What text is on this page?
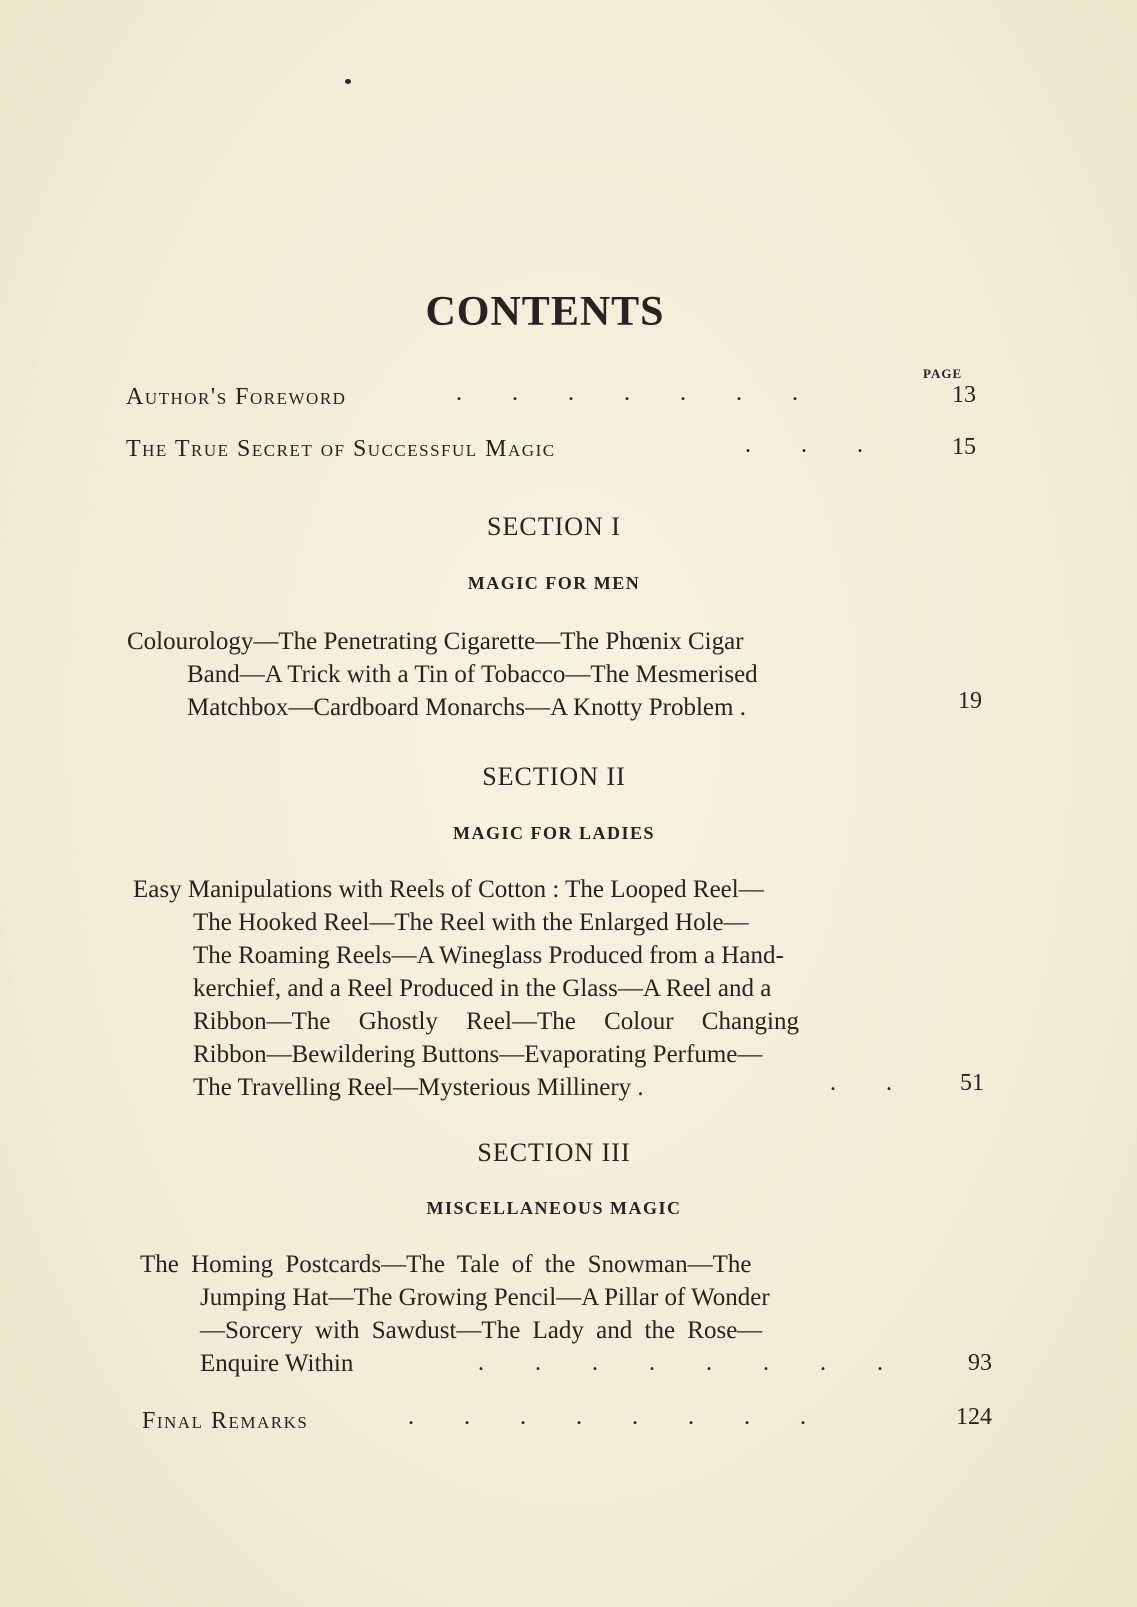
CONTENTS
PAGE
Author's Foreword	. . . . . . .	13
The True Secret of Successful Magic	. . .	15
SECTION I
MAGIC FOR MEN
Colourology—The Penetrating Cigarette—The Phœnix Cigar
Band—A Trick with a Tin of Tobacco—The Mesmerised
Matchbox—Cardboard Monarchs—A Knotty Problem .	19
SECTION II
MAGIC FOR LADIES
Easy Manipulations with Reels of Cotton : The Looped Reel—
The Hooked Reel—The Reel with the Enlarged Hole—
The Roaming Reels—A Wineglass Produced from a Hand-
kerchief, and a Reel Produced in the Glass—A Reel and a
Ribbon—The Ghostly Reel—The Colour Changing
Ribbon—Bewildering Buttons—Evaporating Perfume—
The Travelling Reel—Mysterious Millinery .	. .	51
SECTION III
MISCELLANEOUS MAGIC
The Homing Postcards—The Tale of the Snowman—The
Jumping Hat—The Growing Pencil—A Pillar of Wonder
—Sorcery with Sawdust—The Lady and the Rose—
Enquire Within	. . . . . . . .	93
Final Remarks	. . . . . . . .	124
